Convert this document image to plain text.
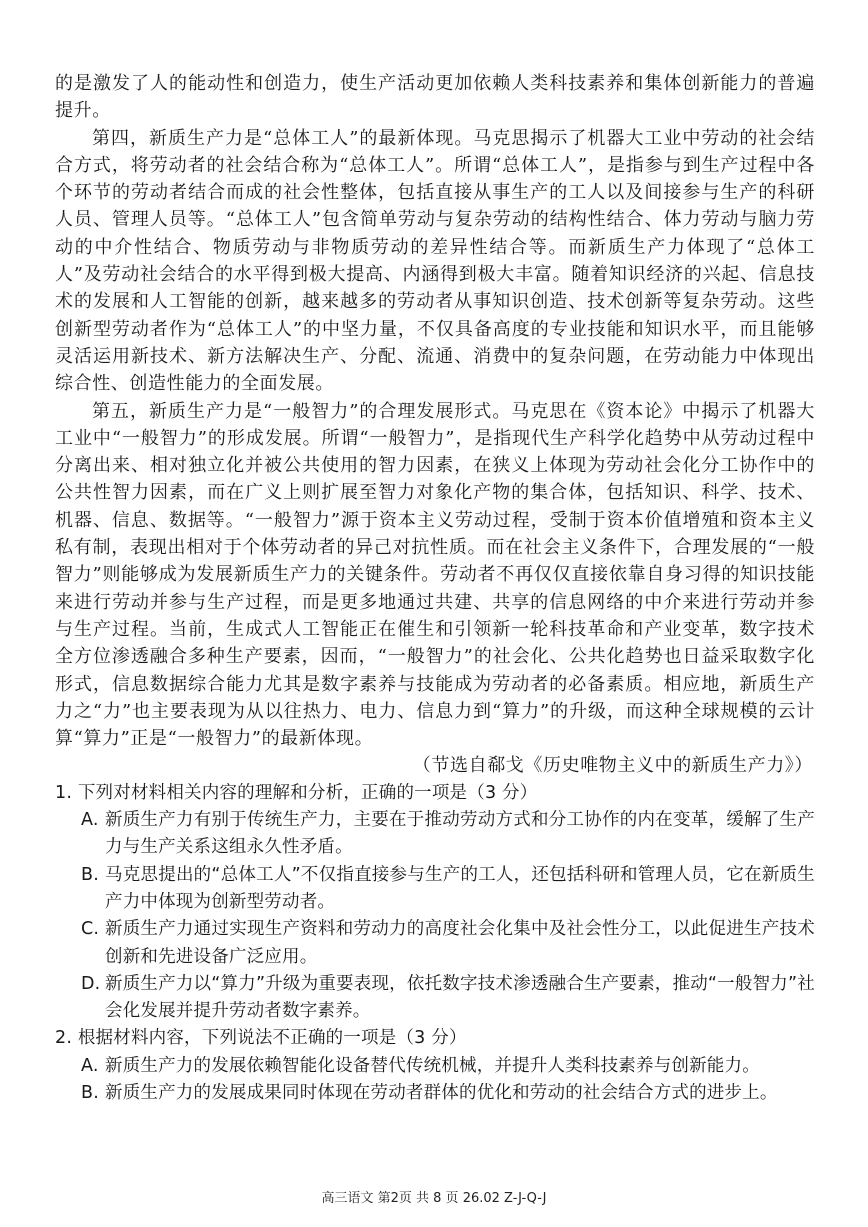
的是激发了人的能动性和创造力，使生产活动更加依赖人类科技素养和集体创新能力的普遍提升。

第四，新质生产力是“总体工人”的最新体现。马克思揭示了机器大工业中劳动的社会结合方式，将劳动者的社会结合称为“总体工人”。所谓“总体工人”，是指参与到生产过程中各个环节的劳动者结合而成的社会性整体，包括直接从事生产的工人以及间接参与生产的科研人员、管理人员等。“总体工人”包含简单劳动与复杂劳动的结构性结合、体力劳动与脑力劳动的中介性结合、物质劳动与非物质劳动的差异性结合等。而新质生产力体现了“总体工人”及劳动社会结合的水平得到极大提高、内涵得到极大丰富。随着知识经济的兴起、信息技术的发展和人工智能的创新，越来越多的劳动者从事知识创造、技术创新等复杂劳动。这些创新型劳动者作为“总体工人”的中坚力量，不仅具备高度的专业技能和知识水平，而且能够灵活运用新技术、新方法解决生产、分配、流通、消费中的复杂问题，在劳动能力中体现出综合性、创造性能力的全面发展。

第五，新质生产力是“一般智力”的合理发展形式。马克思在《资本论》中揭示了机器大工业中“一般智力”的形成发展。所谓“一般智力”，是指现代生产科学化趋势中从劳动过程中分离出来、相对独立化并被公共使用的智力因素，在狭义上体现为劳动社会化分工协作中的公共性智力因素，而在广义上则扩展至智力对象化产物的集合体，包括知识、科学、技术、机器、信息、数据等。“一般智力”源于资本主义劳动过程，受制于资本价值增殖和资本主义私有制，表现出相对于个体劳动者的异己对抗性质。而在社会主义条件下，合理发展的“一般智力”则能够成为发展新质生产力的关键条件。劳动者不再仅仅直接依靠自身习得的知识技能来进行劳动并参与生产过程，而是更多地通过共建、共享的信息网络的中介来进行劳动并参与生产过程。当前，生成式人工智能正在催生和引领新一轮科技革命和产业变革，数字技术全方位渗透融合多种生产要素，因而，“一般智力”的社会化、公共化趋势也日益采取数字化形式，信息数据综合能力尤其是数字素养与技能成为劳动者的必备素质。相应地，新质生产力之“力”也主要表现为从以往热力、电力、信息力到“算力”的升级，而这种全球规模的云计算“算力”正是“一般智力”的最新体现。

（节选自郗戈《历史唯物主义中的新质生产力》）

1. 下列对材料相关内容的理解和分析，正确的一项是（3 分）

A. 新质生产力有别于传统生产力，主要在于推动劳动方式和分工协作的内在变革，缓解了生产力与生产关系这组永久性矛盾。

B. 马克思提出的“总体工人”不仅指直接参与生产的工人，还包括科研和管理人员，它在新质生产力中体现为创新型劳动者。

C. 新质生产力通过实现生产资料和劳动力的高度社会化集中及社会性分工，以此促进生产技术创新和先进设备广泛应用。

D. 新质生产力以“算力”升级为重要表现，依托数字技术渗透融合生产要素，推动“一般智力”社会化发展并提升劳动者数字素养。

2. 根据材料内容，下列说法不正确的一项是（3 分）

A. 新质生产力的发展依赖智能化设备替代传统机械，并提升人类科技素养与创新能力。

B. 新质生产力的发展成果同时体现在劳动者群体的优化和劳动的社会结合方式的进步上。

高三语文 第2页 共 8 页 26.02 Z-J-Q-J
